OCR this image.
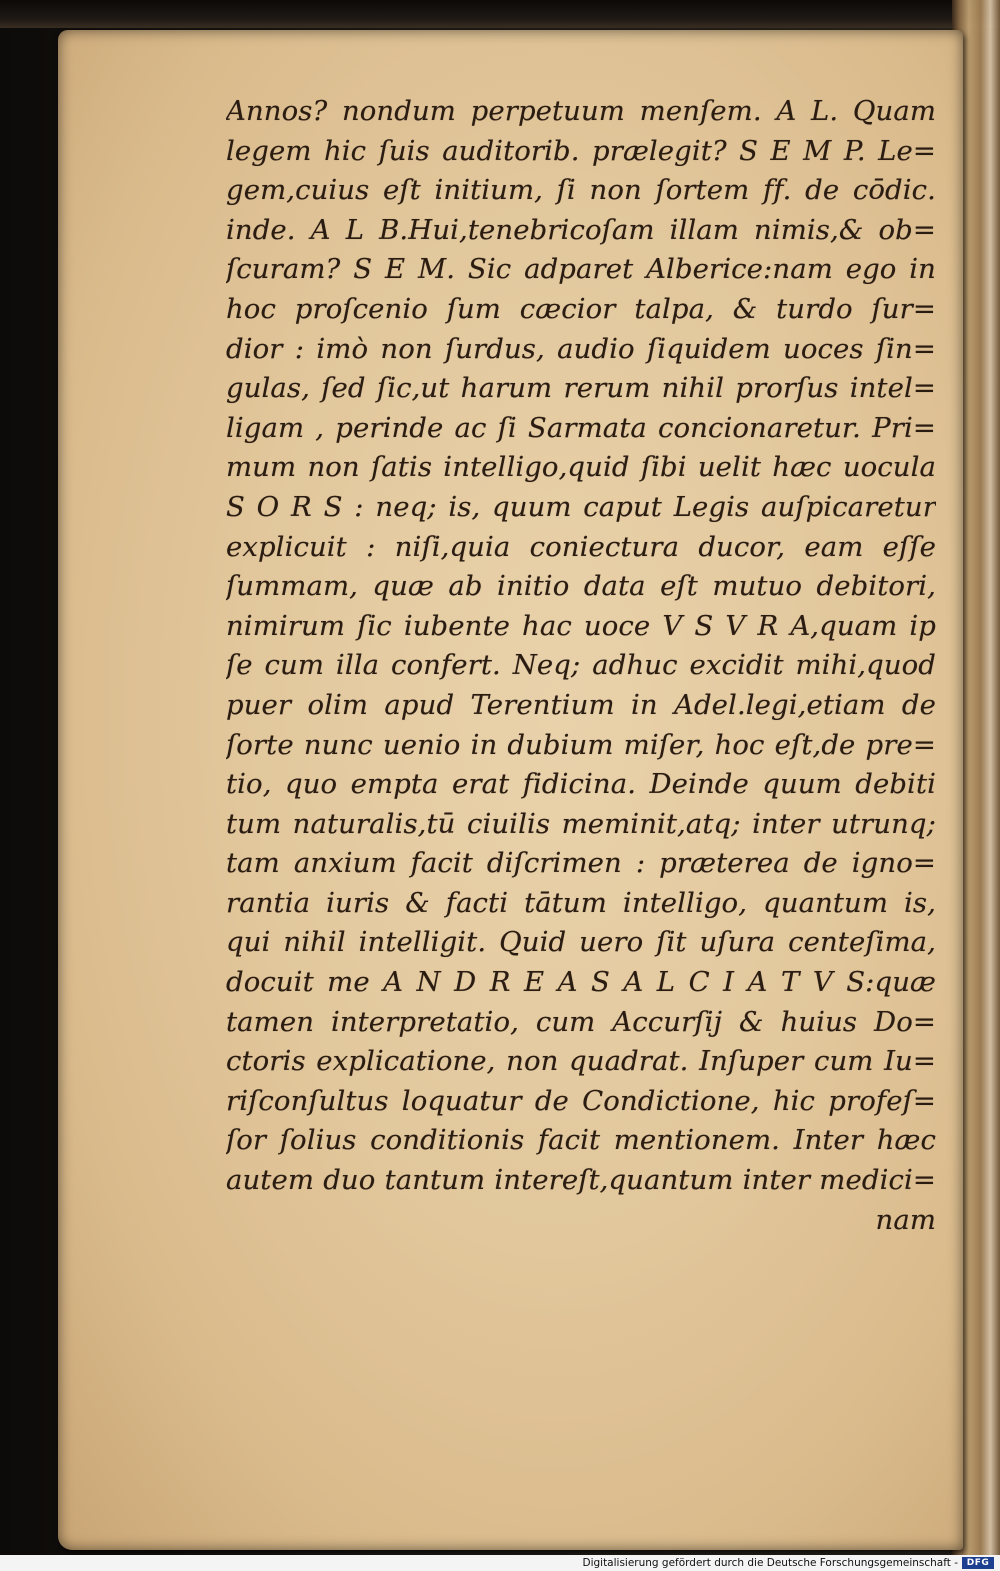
Annos? nondum perpetuum menſem. A L. Quam
legem hic ſuis auditorib. prælegit? S E M P. Le=
gem,cuius eſt initium, ſi non ſortem ff. de cōdic.
inde. A L B.Hui,tenebricoſam illam nimis,& ob=
ſcuram? S E M. Sic adparet Alberice:nam ego in
hoc proſcenio ſum cæcior talpa, & turdo ſur=
dior : imò non ſurdus, audio ſiquidem uoces ſin=
gulas, ſed ſic,ut harum rerum nihil prorſus intel=
ligam , perinde ac ſi Sarmata concionaretur. Pri=
mum non ſatis intelligo,quid ſibi uelit hæc uocula
S O R S : neq; is, quum caput Legis auſpicaretur
explicuit : niſi,quia coniectura ducor, eam eſſe
ſummam, quæ ab initio data eſt mutuo debitori,
nimirum ſic iubente hac uoce V S V R A,quam ip
ſe cum illa confert. Neq; adhuc excidit mihi,quod
puer olim apud Terentium in Adel.legi,etiam de
ſorte nunc uenio in dubium miſer, hoc eſt,de pre=
tio, quo empta erat fidicina. Deinde quum debiti
tum naturalis,tū ciuilis meminit,atq; inter utrunq;
tam anxium facit diſcrimen : præterea de igno=
rantia iuris & facti tātum intelligo, quantum is,
qui nihil intelligit. Quid uero ſit uſura centeſima,
docuit me A N D R E A S A L C I A T V S:quæ
tamen interpretatio, cum Accurſij & huius Do=
ctoris explicatione, non quadrat. Inſuper cum Iu=
riſconſultus loquatur de Condictione, hic profeſ=
ſor ſolius conditionis facit mentionem. Inter hæc
autem duo tantum intereſt,quantum inter medici=
nam
Digitalisierung gefördert durch die Deutsche Forschungsgemeinschaft - DFG
